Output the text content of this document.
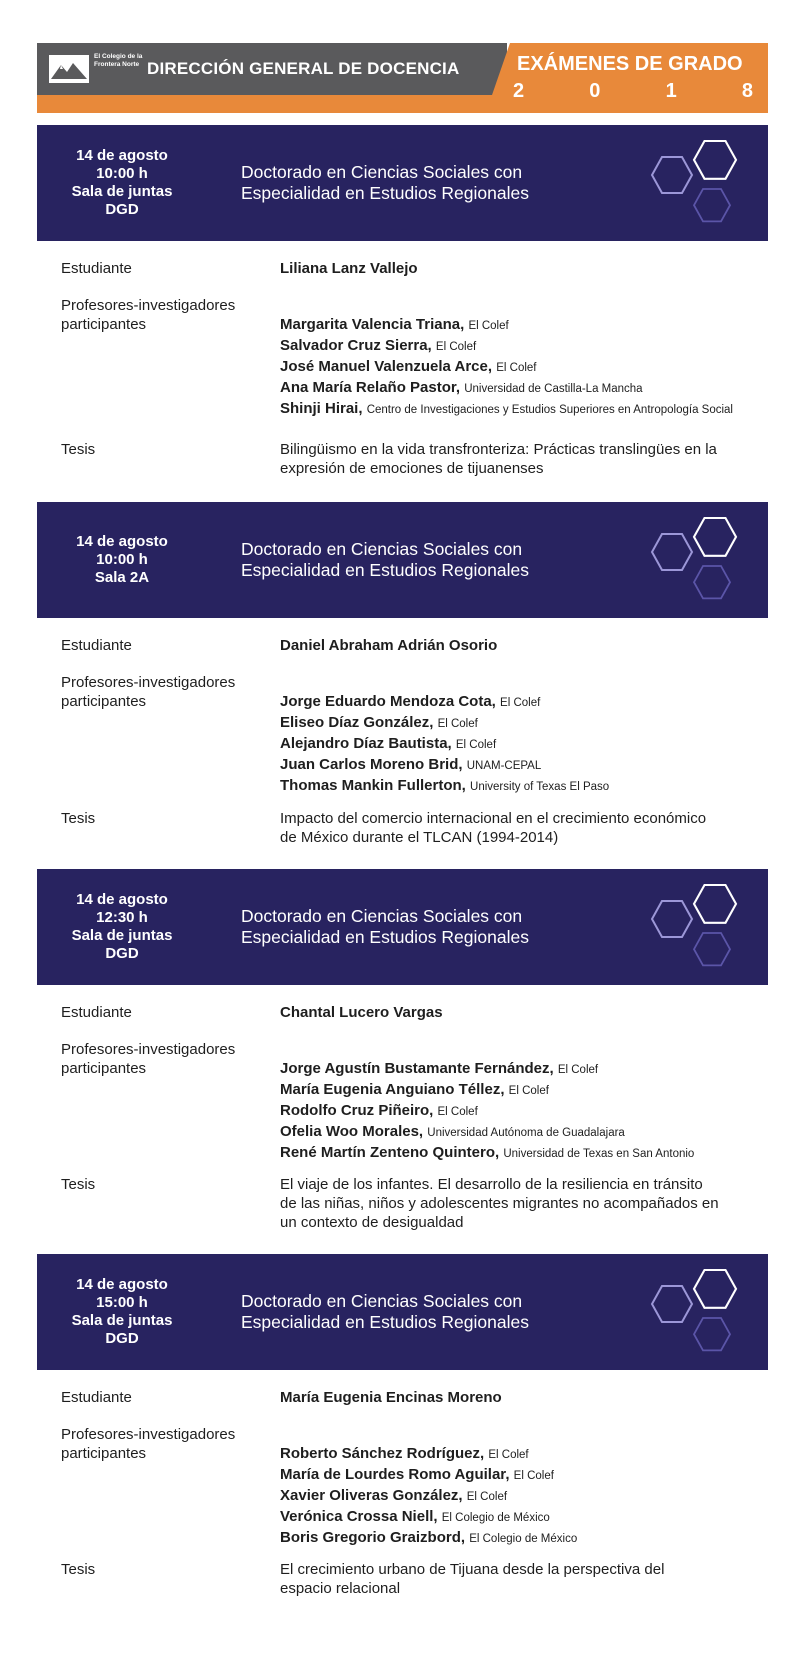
El Colegio de la Frontera Norte DIRECCIÓN GENERAL DE DOCENCIA	EXÁMENES DE GRADO
2	0	1	8
14 de agosto
10:00 h
Sala de juntas
DGD
Doctorado en Ciencias Sociales con
Especialidad en Estudios Regionales
Estudiante	Liliana Lanz Vallejo
Profesores-investigadores
participantes	Margarita Valencia Triana, El Colef
Salvador Cruz Sierra, El Colef
José Manuel Valenzuela Arce, El Colef
Ana María Relaño Pastor, Universidad de Castilla-La Mancha
Shinji Hirai, Centro de Investigaciones y Estudios Superiores en Antropología Social
Tesis	Bilingüismo en la vida transfronteriza: Prácticas translingües en la expresión de emociones de tijuanenses
14 de agosto
10:00 h
Sala 2A
Doctorado en Ciencias Sociales con
Especialidad en Estudios Regionales
Estudiante	Daniel Abraham Adrián Osorio
Profesores-investigadores
participantes	Jorge Eduardo Mendoza Cota, El Colef
Eliseo Díaz González, El Colef
Alejandro Díaz Bautista, El Colef
Juan Carlos Moreno Brid, UNAM-CEPAL
Thomas Mankin Fullerton, University of Texas El Paso
Tesis	Impacto del comercio internacional en el crecimiento económico de México durante el TLCAN (1994-2014)
14 de agosto
12:30 h
Sala de juntas
DGD
Doctorado en Ciencias Sociales con
Especialidad en Estudios Regionales
Estudiante	Chantal Lucero Vargas
Profesores-investigadores
participantes	Jorge Agustín Bustamante Fernández, El Colef
María Eugenia Anguiano Téllez, El Colef
Rodolfo Cruz Piñeiro, El Colef
Ofelia Woo Morales, Universidad Autónoma de Guadalajara
René Martín Zenteno Quintero, Universidad de Texas en San Antonio
Tesis	El viaje de los infantes. El desarrollo de la resiliencia en tránsito de las niñas, niños y adolescentes migrantes no acompañados en un contexto de desigualdad
14 de agosto
15:00 h
Sala de juntas
DGD
Doctorado en Ciencias Sociales con
Especialidad en Estudios Regionales
Estudiante	María Eugenia Encinas Moreno
Profesores-investigadores
participantes	Roberto Sánchez Rodríguez, El Colef
María de Lourdes Romo Aguilar, El Colef
Xavier Oliveras González, El Colef
Verónica Crossa Niell, El Colegio de México
Boris Gregorio Graizbord, El Colegio de México
Tesis	El crecimiento urbano de Tijuana desde la perspectiva del espacio relacional
